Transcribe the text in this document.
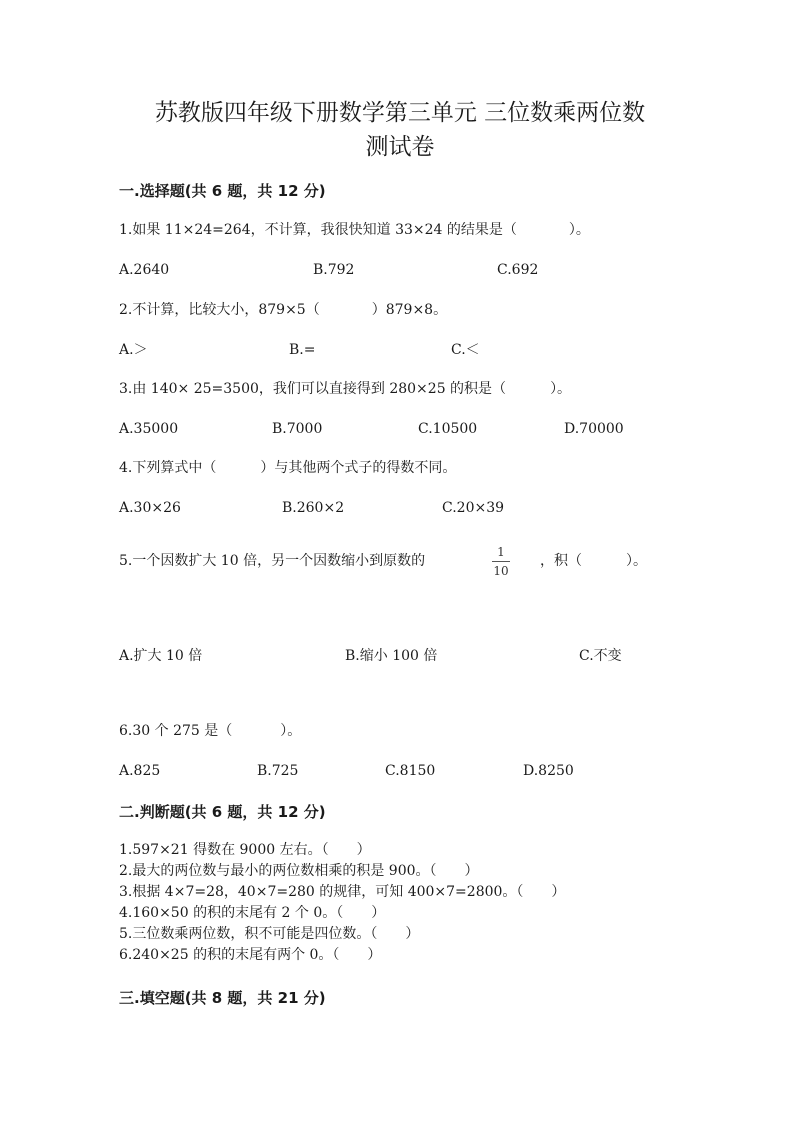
苏教版四年级下册数学第三单元 三位数乘两位数
测试卷
一.选择题(共 6 题，共 12 分)
1.如果 11×24=264，不计算，我很快知道 33×24 的结果是（	）。
A.2640	B.792	C.692
2.不计算，比较大小，879×5（	）879×8。
A.＞	B.=	C.＜
3.由 140× 25=3500，我们可以直接得到 280×25 的积是（	）。
A.35000	B.7000	C.10500	D.70000
4.下列算式中（	）与其他两个式子的得数不同。
A.30×26	B.260×2	C.20×39
5.一个因数扩大 10 倍，另一个因数缩小到原数的
1
10
，积（	）。
A.扩大 10 倍	B.缩小 100 倍	C.不变
6.30 个 275 是（	）。
A.825	B.725	C.8150	D.8250
二.判断题(共 6 题，共 12 分)
1.597×21 得数在 9000 左右。（　　）
2.最大的两位数与最小的两位数相乘的积是 900。（　　）
3.根据 4×7=28，40×7=280 的规律，可知 400×7=2800。（　　）
4.160×50 的积的末尾有 2 个 0。（　　）
5.三位数乘两位数，积不可能是四位数。（　　）
6.240×25 的积的末尾有两个 0。（　　）
三.填空题(共 8 题，共 21 分)
